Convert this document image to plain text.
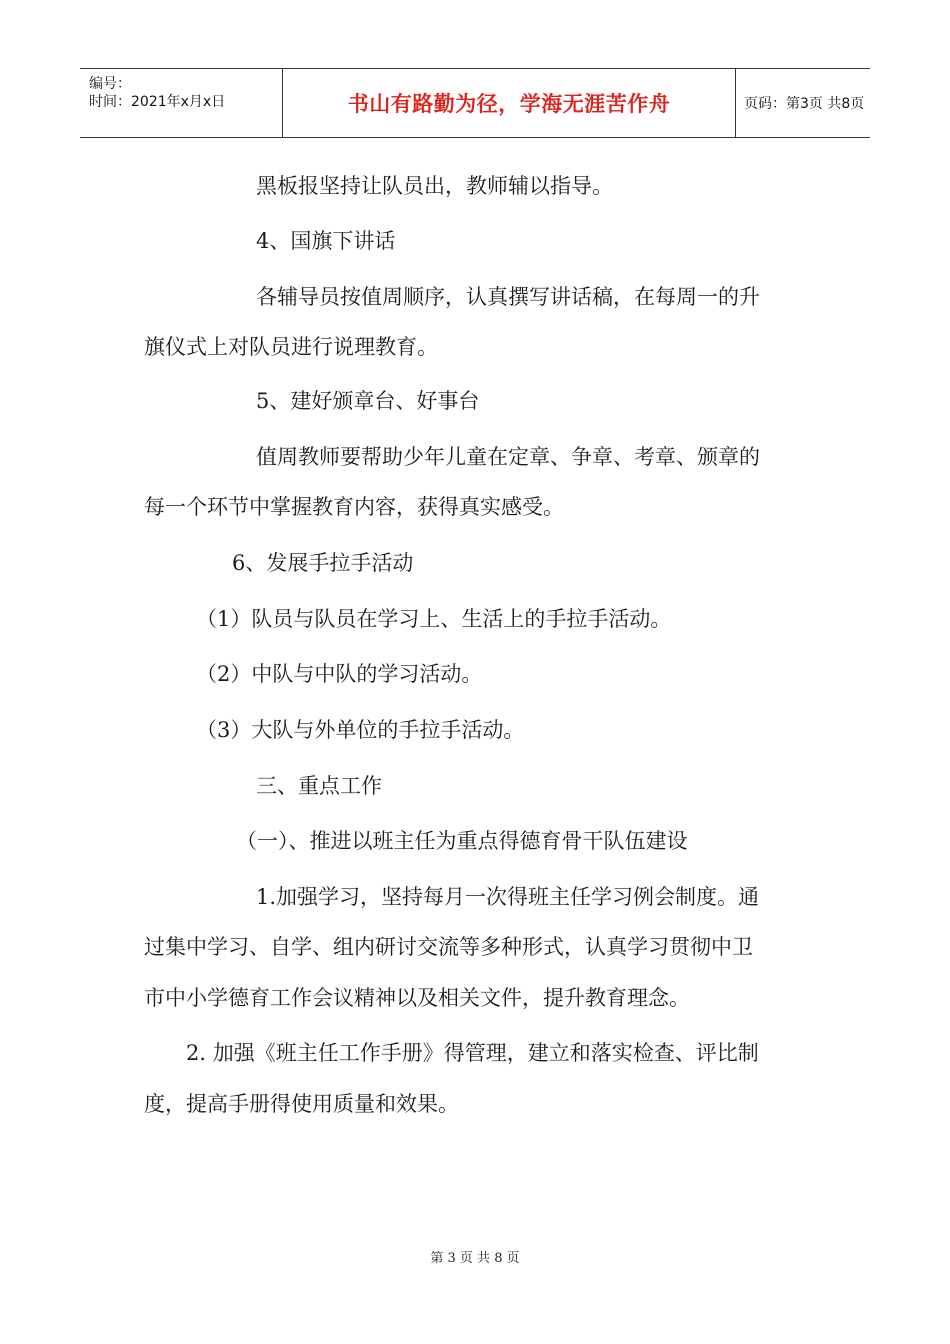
编号：
时间：2021年x月x日	书山有路勤为径，学海无涯苦作舟	页码：第3页 共8页
黑板报坚持让队员出，教师辅以指导。
4、国旗下讲话
各辅导员按值周顺序，认真撰写讲话稿，在每周一的升
旗仪式上对队员进行说理教育。
5、建好颁章台、好事台
值周教师要帮助少年儿童在定章、争章、考章、颁章的
每一个环节中掌握教育内容，获得真实感受。
6、发展手拉手活动
（1）队员与队员在学习上、生活上的手拉手活动。
（2）中队与中队的学习活动。
（3）大队与外单位的手拉手活动。
三、重点工作
（一）、推进以班主任为重点得德育骨干队伍建设
1.加强学习，坚持每月一次得班主任学习例会制度。通
过集中学习、自学、组内研讨交流等多种形式，认真学习贯彻中卫
市中小学德育工作会议精神以及相关文件，提升教育理念。
2. 加强《班主任工作手册》得管理，建立和落实检查、评比制
度，提高手册得使用质量和效果。
第 3 页 共 8 页
